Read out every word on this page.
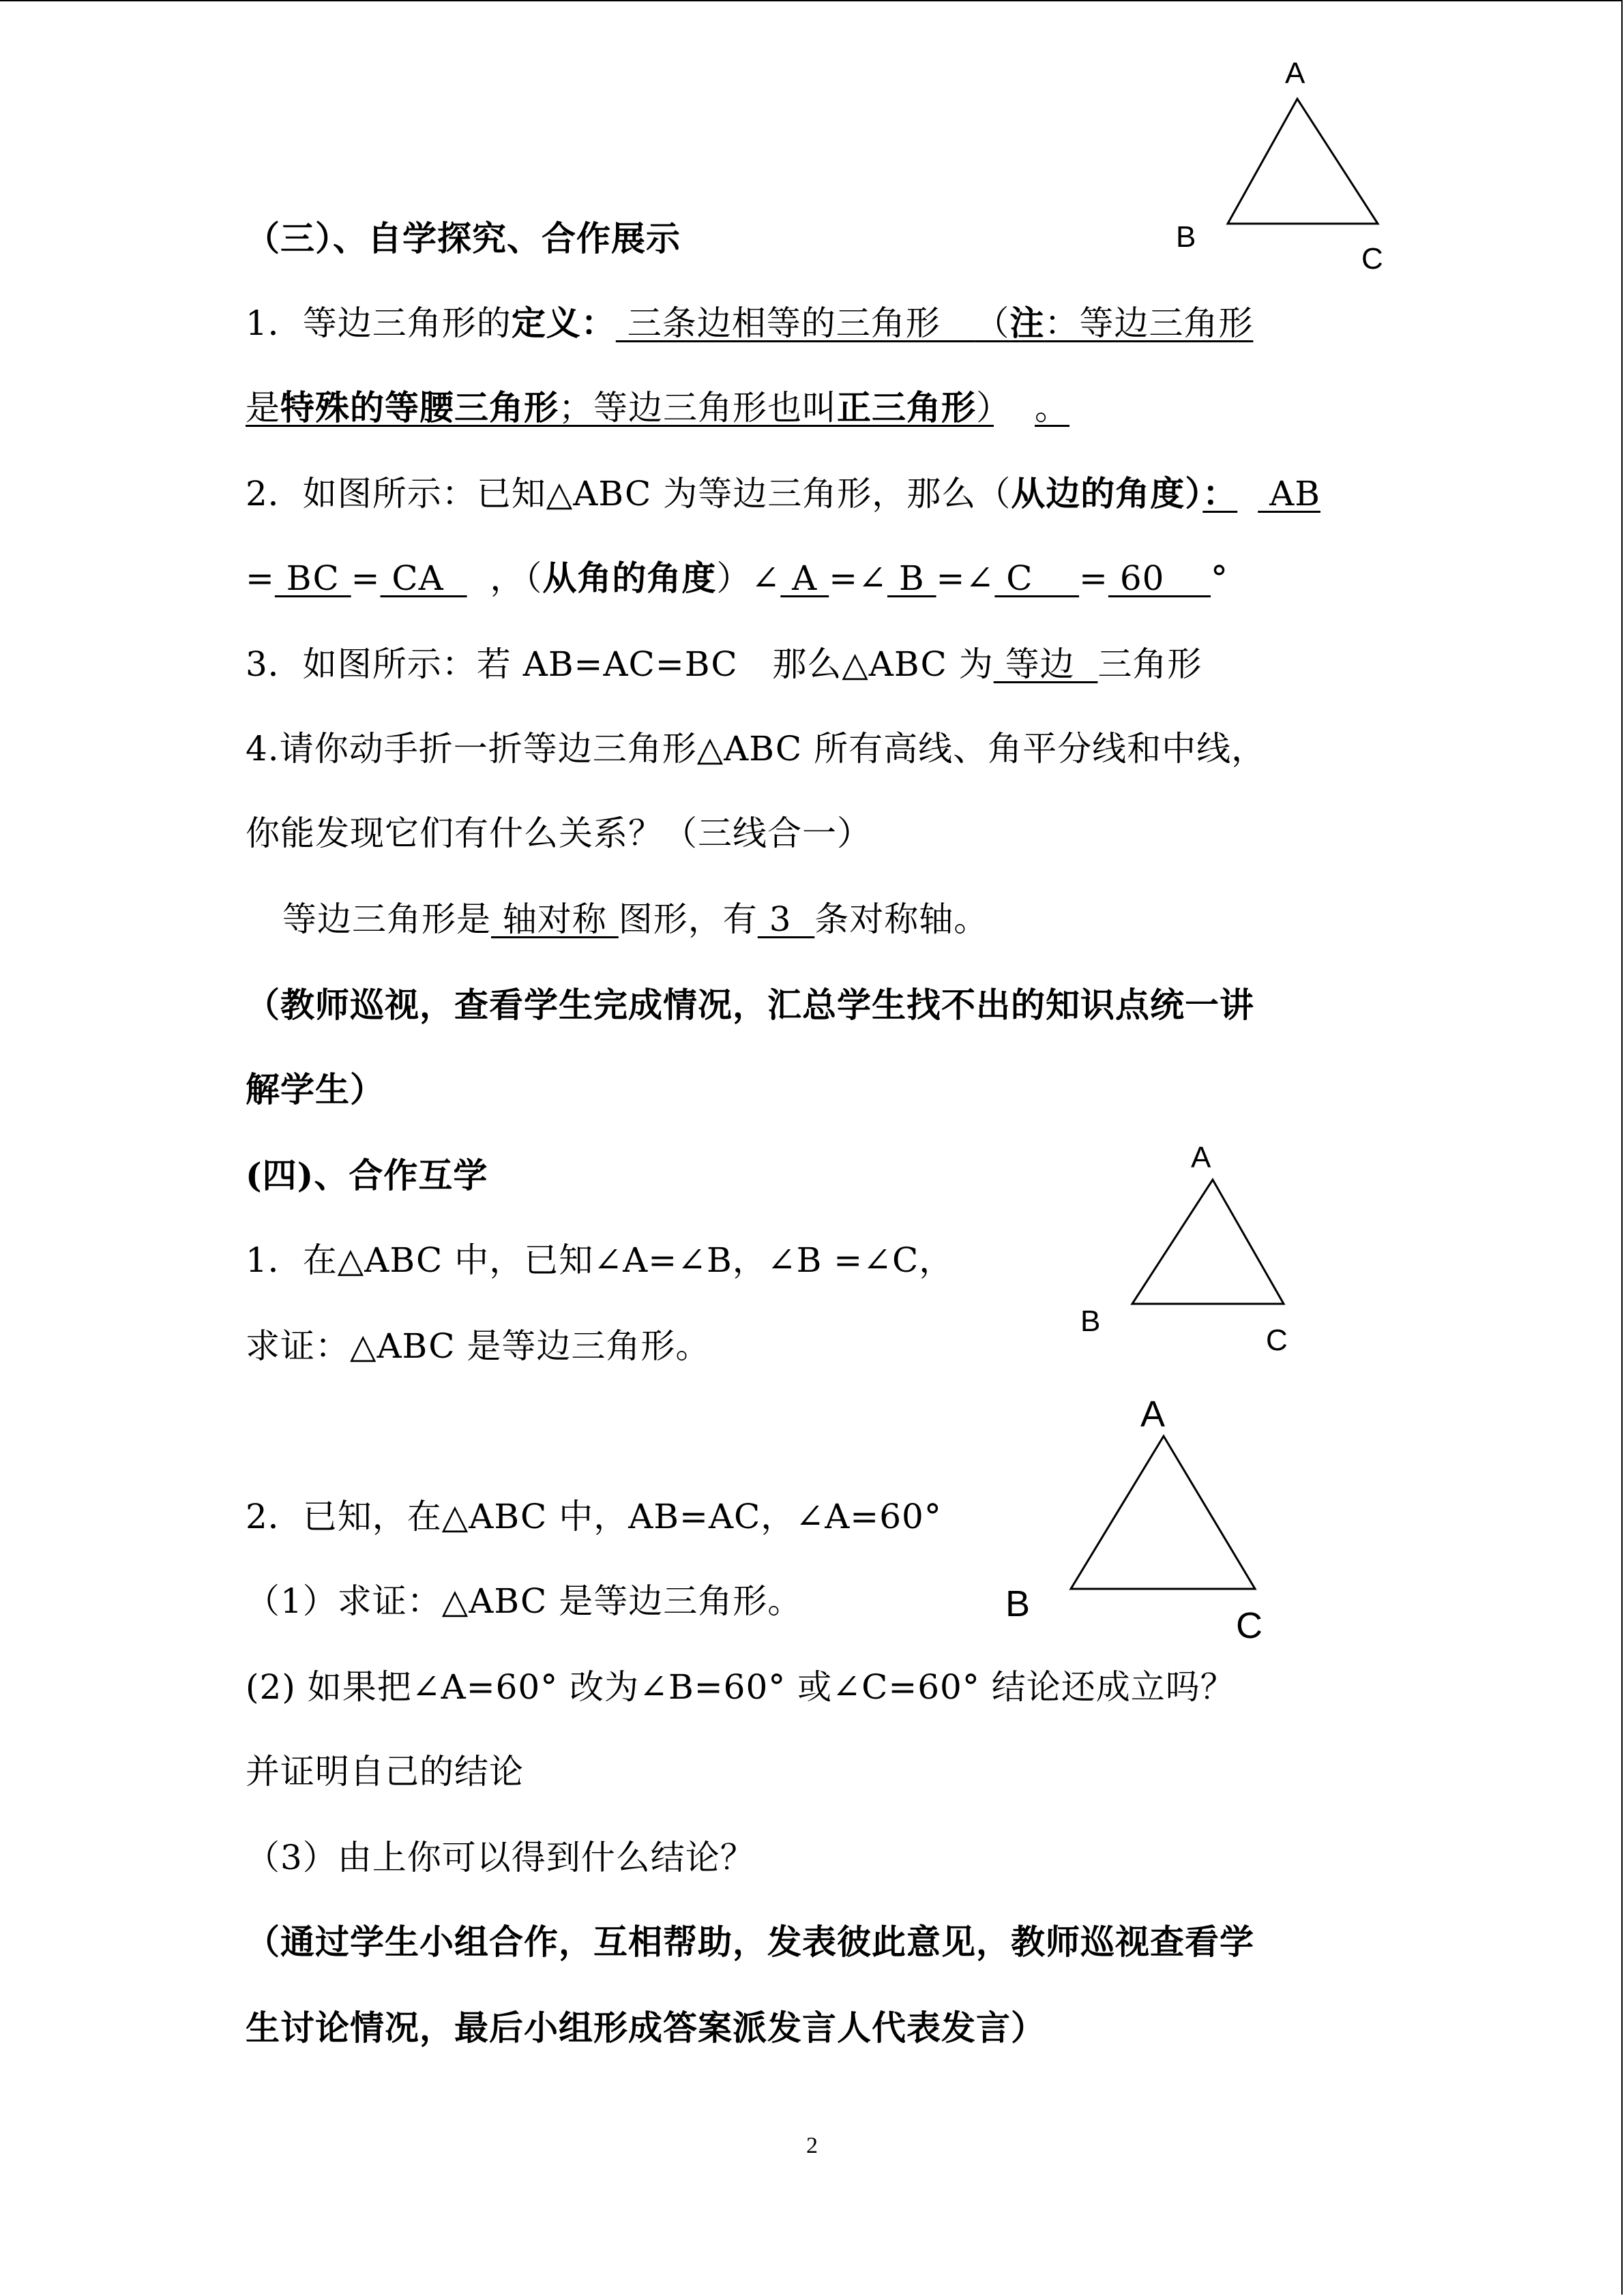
A
B
C
（三）、自学探究、合作展示
1．等边三角形的定义： 三条边相等的三角形   （注：等边三角形
是特殊的等腰三角形；等边三角形也叫正三角形） 。
2．如图所示：已知△ABC 为等边三角形，那么（从边的角度）： AB
= BC = CA    ，（从角的角度）∠ A =∠ B =∠ C    = 60    °
3．如图所示：若 AB=AC=BC   那么△ABC 为 等边  三角形
4.请你动手折一折等边三角形△ABC 所有高线、角平分线和中线，
你能发现它们有什么关系？（三线合一）
等边三角形是 轴对称 图形，有 3  条对称轴。
（教师巡视，查看学生完成情况，汇总学生找不出的知识点统一讲
解学生）
A
B
C
(四)、合作互学
1．在△ABC 中，已知∠A=∠B，∠B =∠C，
求证：△ABC 是等边三角形。
A
B
C
2．已知，在△ABC 中，AB=AC，∠A=60°
（1）求证：△ABC 是等边三角形。
(2) 如果把∠A=60° 改为∠B=60° 或∠C=60° 结论还成立吗？
并证明自己的结论
（3）由上你可以得到什么结论？
（通过学生小组合作，互相帮助，发表彼此意见，教师巡视查看学
生讨论情况，最后小组形成答案派发言人代表发言）
2
